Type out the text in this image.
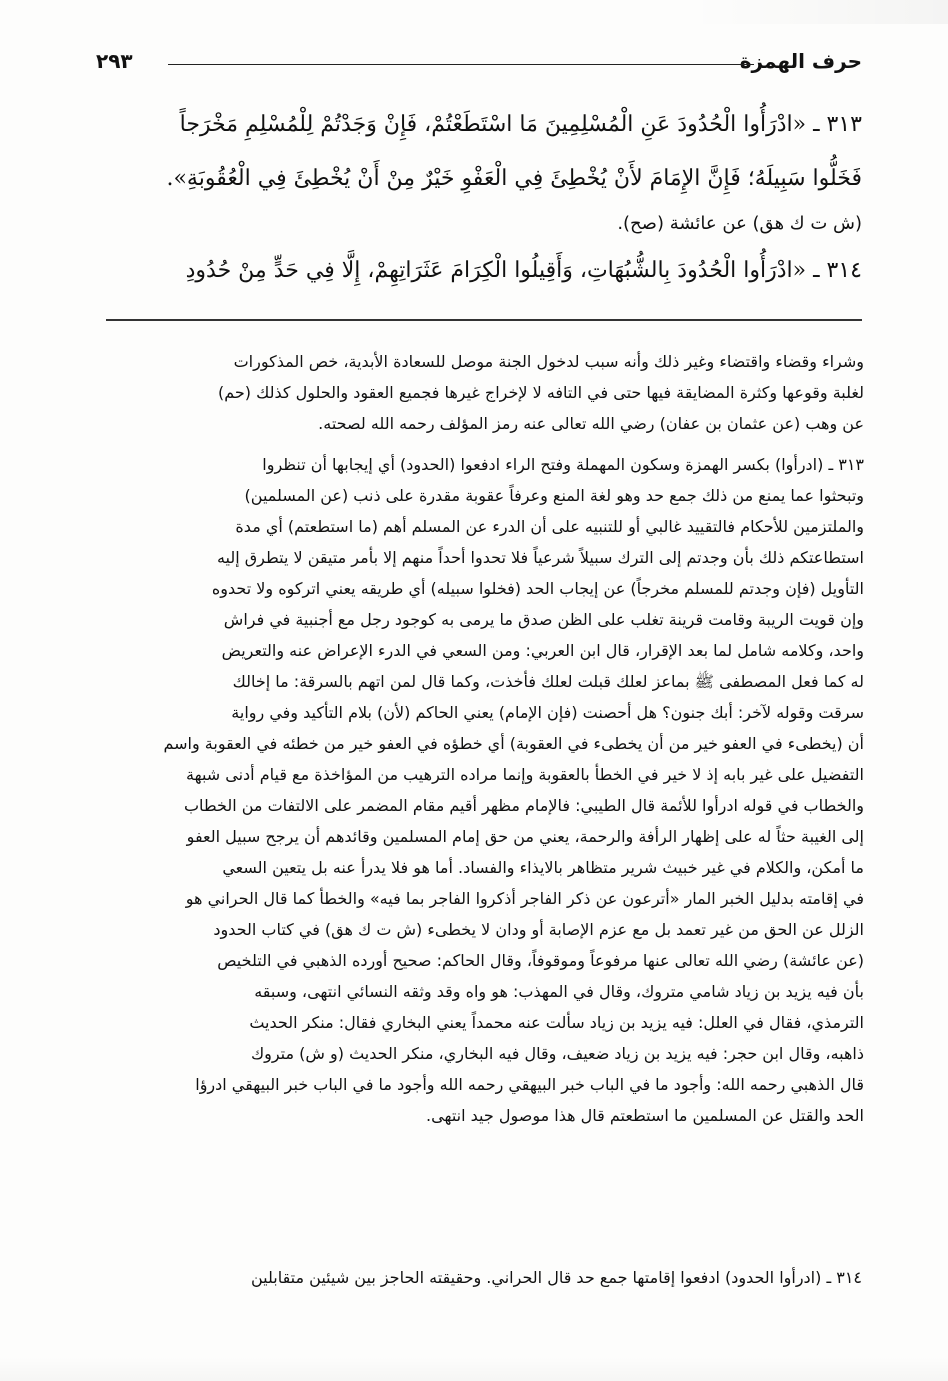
حرف الهمزة
٢٩٣
٣١٣ ـ «ادْرَأُوا الْحُدُودَ عَنِ الْمُسْلِمِينَ مَا اسْتَطَعْتُمْ، فَإِنْ وَجَدْتُمْ لِلْمُسْلِمِ مَخْرَجاً
فَخَلُّوا سَبِيلَهُ؛ فَإِنَّ الإِمَامَ لأَنْ يُخْطِئَ فِي الْعَفْوِ خَيْرٌ مِنْ أَنْ يُخْطِئَ فِي الْعُقُوبَةِ».
(ش ت ك هق) عن عائشة (صح).
٣١٤ ـ «ادْرَأُوا الْحُدُودَ بِالشُّبُهَاتِ، وَأَقِيلُوا الْكِرَامَ عَثَرَاتِهِمْ، إِلَّا فِي حَدٍّ مِنْ حُدُودِ
وشراء وقضاء واقتضاء وغير ذلك وأنه سبب لدخول الجنة موصل للسعادة الأبدية، خص المذكورات
لغلبة وقوعها وكثرة المضايقة فيها حتى في التافه لا لإخراج غيرها فجميع العقود والحلول كذلك (حم)
عن وهب (عن عثمان بن عفان) رضي الله تعالى عنه رمز المؤلف رحمه الله لصحته.
٣١٣ ـ (ادرأوا) بكسر الهمزة وسكون المهملة وفتح الراء ادفعوا (الحدود) أي إيجابها أن تنظروا
وتبحثوا عما يمنع من ذلك جمع حد وهو لغة المنع وعرفاً عقوبة مقدرة على ذنب (عن المسلمين)
والملتزمين للأحكام فالتقييد غالبي أو للتنبيه على أن الدرء عن المسلم أهم (ما استطعتم) أي مدة
استطاعتكم ذلك بأن وجدتم إلى الترك سبيلاً شرعياً فلا تحدوا أحداً منهم إلا بأمر متيقن لا يتطرق إليه
التأويل (فإن وجدتم للمسلم مخرجاً) عن إيجاب الحد (فخلوا سبيله) أي طريقه يعني اتركوه ولا تحدوه
وإن قويت الريبة وقامت قرينة تغلب على الظن صدق ما يرمى به كوجود رجل مع أجنبية في فراش
واحد، وكلامه شامل لما بعد الإقرار، قال ابن العربي: ومن السعي في الدرء الإعراض عنه والتعريض
له كما فعل المصطفى ﷺ بماعز لعلك قبلت لعلك فأخذت، وكما قال لمن اتهم بالسرقة: ما إخالك
سرقت وقوله لآخر: أبك جنون؟ هل أحصنت (فإن الإمام) يعني الحاكم (لأن) بلام التأكيد وفي رواية
أن (يخطىء في العفو خير من أن يخطىء في العقوبة) أي خطؤه في العفو خير من خطئه في العقوبة واسم
التفضيل على غير بابه إذ لا خير في الخطأ بالعقوبة وإنما مراده الترهيب من المؤاخذة مع قيام أدنى شبهة
والخطاب في قوله ادرأوا للأئمة قال الطيبي: فالإمام مظهر أقيم مقام المضمر على الالتفات من الخطاب
إلى الغيبة حثاً له على إظهار الرأفة والرحمة، يعني من حق إمام المسلمين وقائدهم أن يرجح سبيل العفو
ما أمكن، والكلام في غير خبيث شرير متظاهر بالايذاء والفساد. أما هو فلا يدرأ عنه بل يتعين السعي
في إقامته بدليل الخبر المار «أترعون عن ذكر الفاجر أذكروا الفاجر بما فيه» والخطأ كما قال الحراني هو
الزلل عن الحق من غير تعمد بل مع عزم الإصابة أو ودان لا يخطىء (ش ت ك هق) في كتاب الحدود
(عن عائشة) رضي الله تعالى عنها مرفوعاً وموقوفاً، وقال الحاكم: صحيح أورده الذهبي في التلخيص
بأن فيه يزيد بن زياد شامي متروك، وقال في المهذب: هو واه وقد وثقه النسائي انتهى، وسبقه
الترمذي، فقال في العلل: فيه يزيد بن زياد سألت عنه محمداً يعني البخاري فقال: منكر الحديث
ذاهبه، وقال ابن حجر: فيه يزيد بن زياد ضعيف، وقال فيه البخاري، منكر الحديث (و ش) متروك
قال الذهبي رحمه الله: وأجود ما في الباب خبر البيهقي رحمه الله وأجود ما في الباب خبر البيهقي ادرؤا
الحد والقتل عن المسلمين ما استطعتم قال هذا موصول جيد انتهى.
٣١٤ ـ (ادرأوا الحدود) ادفعوا إقامتها جمع حد قال الحراني. وحقيقته الحاجز بين شيئين متقابلين
